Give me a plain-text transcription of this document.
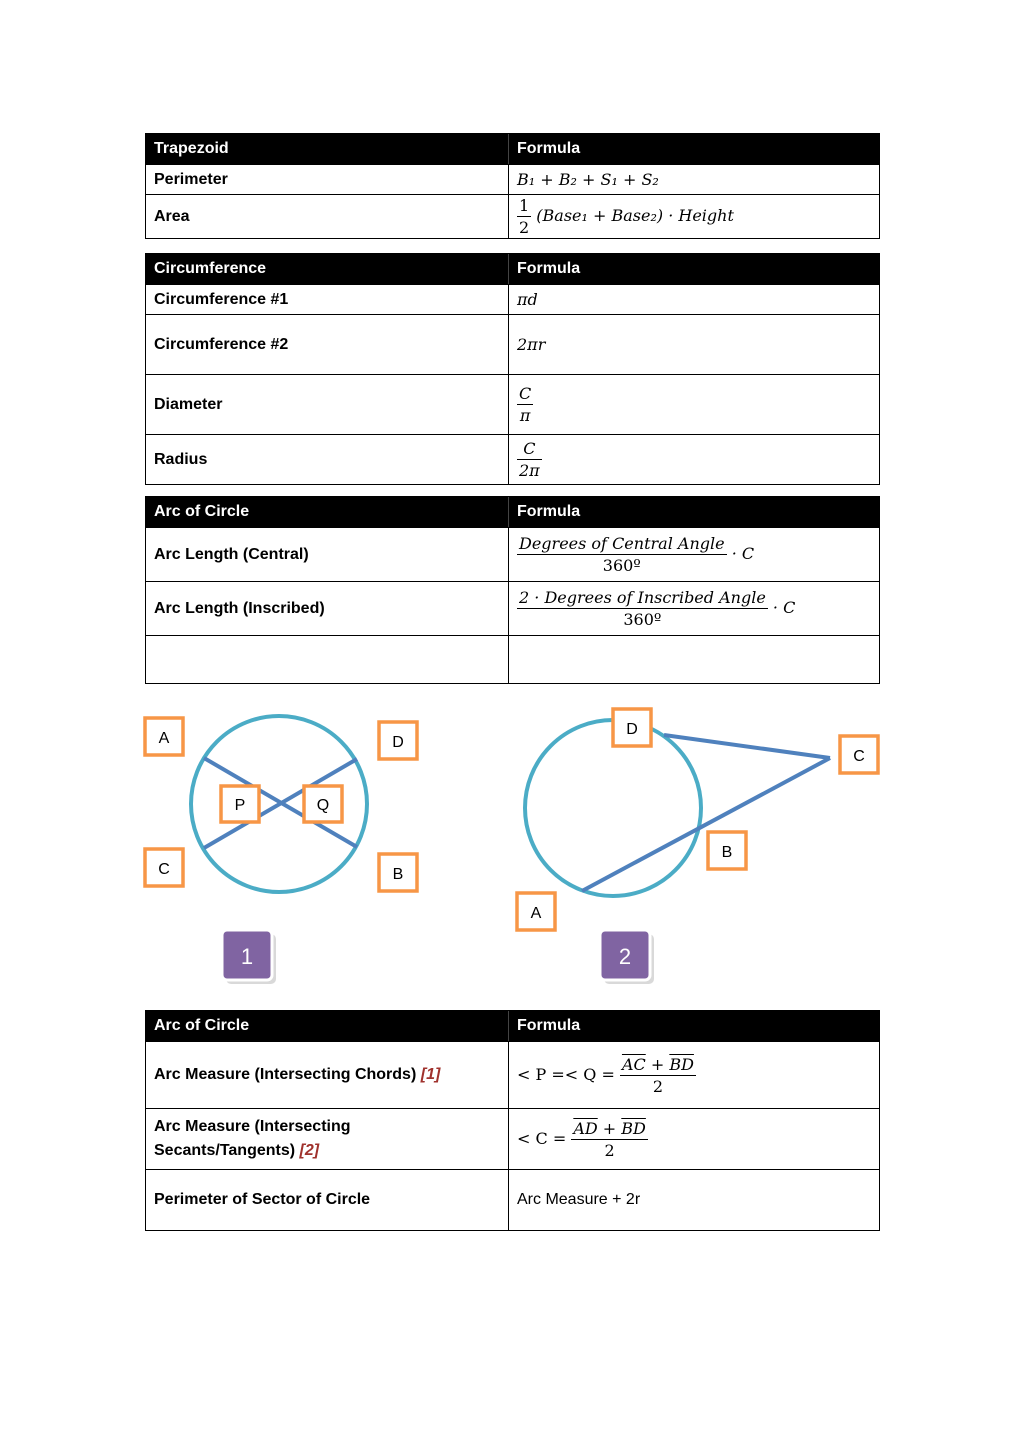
Trapezoid	Formula
Perimeter	B₁ + B₂ + S₁ + S₂
Area	$\frac{1}{2}$ (Base₁ + Base₂) · Height
Circumference	Formula
Circumference #1	πd
Circumference #2	2πr
Diameter	$\frac{C}{\pi}$

Radius	$\frac{C}{2\pi}$
Arc of Circle	Formula
Arc Length (Central)	$\frac{\text{Degrees of Central Angle}}{\text{360º}} \cdot C$
Arc Length (Inscribed)	$\frac{\text{2 · Degrees of Inscribed Angle}}{\text{360º}} \cdot C$

A	D
P	Q
C	B
1
D
C
B
A
2
Arc of Circle	Formula
Arc Measure (Intersecting Chords) [1]	< $P =< Q = \frac{\overline{AC} + \overline{BD}}{2}$

Arc Measure (Intersecting
Secants/Tangents) [2]	< $C = \frac{\overline{AD} + \overline{BD}}{2}$

Perimeter of Sector of Circle	Arc Measure + 2r
